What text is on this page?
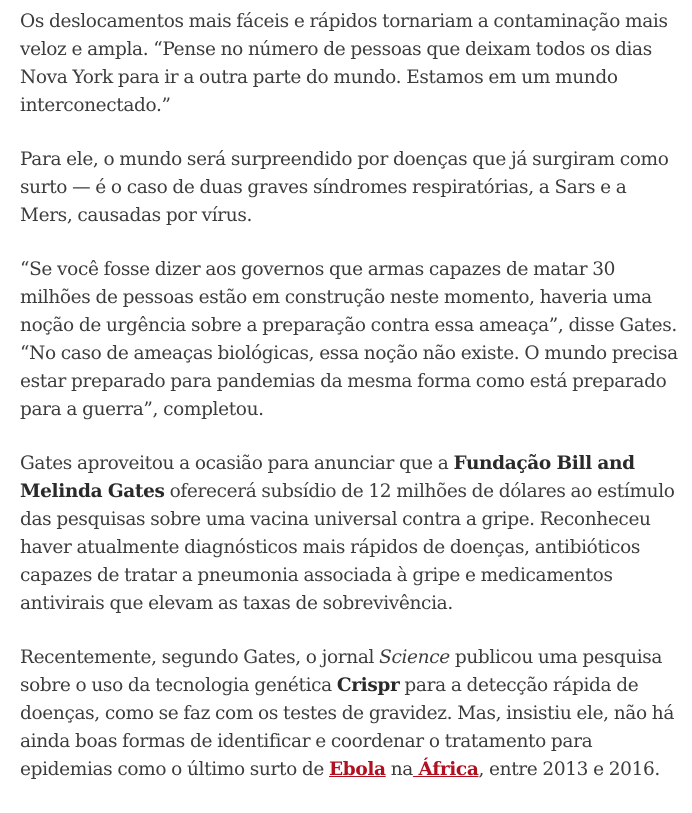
Os deslocamentos mais fáceis e rápidos tornariam a contaminação mais veloz e ampla. “Pense no número de pessoas que deixam todos os dias Nova York para ir a outra parte do mundo. Estamos em um mundo interconectado.”

Para ele, o mundo será surpreendido por doenças que já surgiram como surto — é o caso de duas graves síndromes respiratórias, a Sars e a Mers, causadas por vírus.

“Se você fosse dizer aos governos que armas capazes de matar 30 milhões de pessoas estão em construção neste momento, haveria uma noção de urgência sobre a preparação contra essa ameaça”, disse Gates. “No caso de ameaças biológicas, essa noção não existe. O mundo precisa estar preparado para pandemias da mesma forma como está preparado para a guerra”, completou.

Gates aproveitou a ocasião para anunciar que a Fundação Bill and Melinda Gates oferecerá subsídio de 12 milhões de dólares ao estímulo das pesquisas sobre uma vacina universal contra a gripe. Reconheceu haver atualmente diagnósticos mais rápidos de doenças, antibióticos capazes de tratar a pneumonia associada à gripe e medicamentos antivirais que elevam as taxas de sobrevivência.

Recentemente, segundo Gates, o jornal Science publicou uma pesquisa sobre o uso da tecnologia genética Crispr para a detecção rápida de doenças, como se faz com os testes de gravidez. Mas, insistiu ele, não há ainda boas formas de identificar e coordenar o tratamento para epidemias como o último surto de Ebola na África, entre 2013 e 2016.
